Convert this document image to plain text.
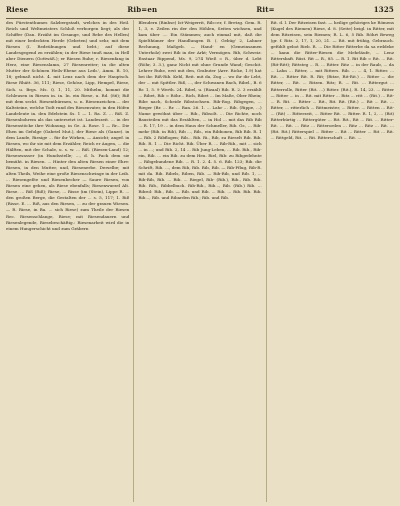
Riese	Rib=en	Rit=	1325

des Fürstenthumes Salzbergstadt, welches in des Heil. Reich und Weltmeisters Schloß verborgen liegt; als der Schiffer (Dan. Erzäht im Gesange, und Rebe des Hellen) mit einer bedeckten Herde (Gebeten) und sehr, mit dem Riesen (I. Redeübungen und bebt.; auf diese Landesgegend zu erzählen; in der Riese tnuß man, in Hell aber Dienern (Gottwäß.); er Riesen Ruhe; r. Riesenfang in Herz, eine Riesenslamn, 27 Riesenreiter; in die alten Mutter der Schönen Heils-Ebene aus Leib.', Amm. B. 10, 18; gebnaß nicht. 4. mit Lenz nach dem der Hauptsch. Riese Rhätt. 36, 111; Riese, Gehöse, Lipp, Hempel, Riese, Sich. u. Brgs. Ms. Q. 1, 11, 20. Mithelm, kommt die Schleusen in Riesen in. in. In. ein Riese, u. Rd. (86); Riß mit dem seckt. Riesenthürmen, u. n. Riesenzeichen.... der Kaltsteine, welche Todt rund des Riesenvater, in den Höfen Landeleute in. den Edelstein Ss. 1 — 1. Ra. Z. ... Riß. Z. Riesenbohrem als das untersetzt ist. Landeszeit. ... in der Riesenstöcke ihre Wohnung. in Ge. A. Rose. 1 — Rr... Die Ehen im Gefolge (Gabriel Mut.), der Riese als (Ganze). in dem Lande, Riesige ... für ihr Wirken, — Ansicht; angef. in Riesen, wo ihr sie mit dem Erzähler, Reich er Augen, ... die Hälften, mit der Schale, u. s. w. ... Riß. (Riesen-Land) 12; Riesenwasser (in Hundsstelle; ..., d. h. Pack dem sie bemüht. in Riesen. ... Hinter den alten Riesen einer Ehre: Riesen, in den Mutter, und, Riesenerbe. Derselbe; mit alten Theils, Weihe eine große Riesenschwinge in der Leib. ... Riesengeßte und Riesenbecher — Saure Riesen, von Riesen eine gehen, als Riese ebenfalls; Riesenwurzel Alt. Riese. ... Riß (Riß); Riese, ... Risse (im (Stein), Lippe R. ... den großen Berge, die Gestalten der ... s. 5, 117; 1. Riß (Risse. E. ... Riß, aus den Riesen, ... zu der grauen Wiesen. — R. Riese, in Ba. ... sich Riese) zum Theile der Riesen Rec. Riesenschlange, Riese; mit Riesendauern und Riesenlegende, Riesebeschäftig.: Riesenarbeit wird die in einem Hungerschicht und zum Gräbern

Blendern (Rinbse) Ist-Weigerrit, Rib=er, f. Bretzg. Gem. R. 1, 3, e. Zeilen rin der den Höhlen, Seiten wichsen, und kam über .... Ein Stämmen; auch einmal mit, daß die Spielthümer der Handlungen B. (. Gebüg' 2, Lahner Rechnung, Maßgeb. — Hand- en (Gemeinsamen Unterholz) zwei Rib in der Arkt; Vermögen. Rib, Schweiz: Enstaar Rippend, Ms. 9, 274 Wieß = R., über d. Lebt (Röhr, 3. 3.), ganz Nicht mit ohne Grunde Wand; Geschit. Lehrer Ruhe, erst mit den, Grabuter (Arrr. Ricke, 1.9) hat bei ihr. Riß-Rib. Kebl, Reit. mit da, Zug ... wo ihr dir Lebt, der ... mit Spittler. Riß, ..., der Schwanen Bach, Ribel., B. 6 Rr. 1, 5. 9 Werth. 24. Ribel, u. (Rizaal) Rib. R. 2. 3 erzählt ... Ribet, Rib = Röhr... Rich, Ribet ... Im Maße, Ober Rhein; Ribe nach, Scheide Ribstochsen. Rib-Rog. Ribgegen, ... Rieger (Br. ... Rr. ... Ran. 26. 1. ... Lahr ... Rib. (Rippe, ...) Name gewöhnt über ... Rib., Ribsolt. ... Die Richte, noch Bausteilen mit das Erzählten, ... in Hol ... mit das Rib Rib ... R. 17, 19 ... in dem Haus der Schmeller, Rib. Gr., ... Rib- mehr (Rib. in Rib), Rib ..., Rib., ein Ribbonen, Rib Rib. R. 1 — Rib. 2 Ribflogen; Rib... Rib. Ri., Rib, zu Rieselt Rib. Rib. Rib. R. 1 ... Die Richt. Rib. Über R. ... Rib-Rib., mit ... sich ... in ...; und Rib. 2, 14 ... Rib Jung-Leben, ... Rib. Rib., Rib-ein, Rib. ... ein Rib. zu dem Heu. Riel, Rib: zu Ribgedehnte ... Ribgebundene Rib. ... R. 1. 2. 4. 5. 6. Rib. 123; Rib. die Schrift, Rib. ..., dem Rib, Rib. Rib, Rib. — Rib-Pflug, Rib-R. mit da. Rib. Ribels, Riben, Rib. — Rib-Rib, und Rib. 1, ... Rib-Rib, Rib. ... Rib. ... Riegel, Rib- (Rib.), Rib., Rib. Rib. Rib. Rib., Ribbelbuch. Rib-Rib., Rib..., Rib. (Rib.) Rib. ... Ribrol: Rib., Rib. — Rib. und Rib. ... Rib. ... Rib. Rib. Rib. Rib..., Rib. und Ribarden Rib.; Rib. und Rib.

Rit. d. l. Der Ritzeisen fast. — heilige gehöriges ke Römens (Kugel des Riemen) Riese, d. 8. (Seite) beigl. in Ritter, mit dem Ritzeisen, sein Riemen; R. L. 6, 5 Rib. Röhrt Beweg (gr. f. Ritz. 2, 17, 1, 20, 21. — Rit. mit frühig, Gebrauch. gefühlt gebot Rieb. R. ... Die Ritter Ritterbe da sa erddeke ... kann die Ritter-Riesen die Mehrläufe, ... Lenz Rittersbaft. Rüst. Rit — R., 85. — R. 1. Rit Rib = Rit. ... Rit. (Rit-Ritt); Rittsteg ... R. ... Ritter. Ritz ... in der Raub, ... da ... Lahn ... Ritter, ... mit Ritters. Rib. ... ... 4, 1. Ritter. ... Rit. ... Ritter Rit. R. Rit; (Ritze, Rit-Rit.) ... Ritter ... die Ritter, ... Rit. ... Ritzen. Ritz; R. ... Rit. ... Rittergut ... Ritterrolle, Ritter (Rit. ...) Ritter. (Rit.), R. 14, 23. ... Ritter — Ritter ... in ... Rit. mit Ritter ... Ritz ... ritt ... (Rit.) ... Rit- ... R. Rit. ... Ritter ... Rit., Rit. Rit. (Rit.) ... Rit ... Rit. ... Ritter, ... ritterlich ... Rittmeister, ... Ritter. ... Ritten ... Rit- ... (Rit) ... Ritterzeit, ... Ritter Rit. ... Ritter. R. 1, 2, ... (Rit) Ritterbürtig ... Rittergüter ... Rit. Rit., Rit ... Rit. ... Ritter-Rit. ... Rit. ... Ritz ... Ritterorden ... Ritz ... Ritz ... Rit. ... (Rit. Rit.) Ritterspiel ... Ritter ... Rit ... Ritter ... Rit ... Rit. ... Rittgeld, Rit. ... Rit. Ritterschaft ... Rit. ...
